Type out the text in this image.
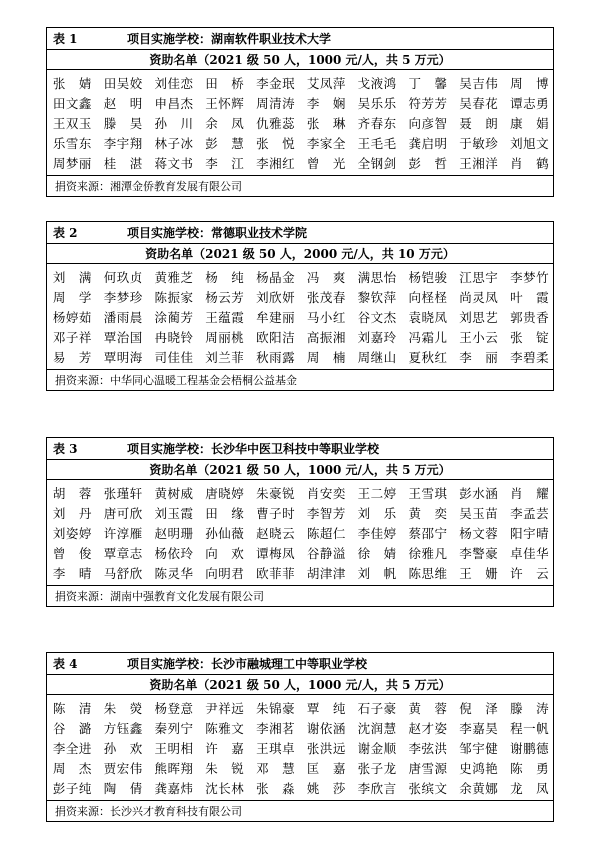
表 1	项目实施学校：湖南软件职业技术大学
资助名单（2021 级 50 人，1000 元/人，共 5 万元）
张　婧 田吴姣 刘佳恋 田　桥 李金珉 艾凤萍 戈液鸿 丁　馨 吴吉伟 周　博
田文鑫 赵　明 申昌杰 王怀辉 周清涛 李　娴 吴乐乐 符芳芳 吴春花 谭志勇
王双玉 滕　昊 孙　川 余　凤 仇雅蕊 张　琳 齐春东 向彦智 聂　朗 康　娟
乐雪东 李宇翔 林子冰 彭　慧 张　悦 李家全 王毛毛 龚启明 于敏珍 刘旭文
周梦丽 桂　湛 蒋文书 李　江 李湘红 曾　光 全钢剑 彭　哲 王湘洋 肖　鹤
捐资来源：湘潭金侨教育发展有限公司
表 2	项目实施学校：常德职业技术学院
资助名单（2021 级 50 人，2000 元/人，共 10 万元）
刘　满 何玖贞 黄雅芝 杨　纯 杨晶金 冯　爽 满思怡 杨铠骏 江思宇 李梦竹
周　学 李梦珍 陈振家 杨云芳 刘欣妍 张茂春 黎钦萍 向柽柽 尚灵凤 叶　霞
杨婷茹 潘雨晨 涂蔺芳 王蕴霞 牟建丽 马小红 谷文杰 袁晓凤 刘思艺 郭贵香
邓子祥 覃治国 冉晓铃 周丽桃 欧阳洁 高振湘 刘嘉玲 冯霜儿 王小云 张　锭
易　芳 覃明海 司佳佳 刘兰菲 秋雨露 周　楠 周继山 夏秋红 李　丽 李碧柔
捐资来源：中华同心温暖工程基金会梧桐公益基金
表 3	项目实施学校：长沙华中医卫科技中等职业学校
资助名单（2021 级 50 人，1000 元/人，共 5 万元）
胡　蓉 张瑾轩 黄树威 唐晓婷 朱豪锐 肖安奕 王二婷 王雪琪 彭水涵 肖　耀
刘　丹 唐可欣 刘玉霞 田　缘 曹子时 李智芳 刘　乐 黄　奕 吴玉苗 李孟芸
刘姿婷 许淳雁 赵明珊 孙仙薇 赵晓云 陈超仁 李佳婷 蔡邵宁 杨文蓉 阳宇晴
曾　俊 覃章志 杨依玲 向　欢 谭梅凤 谷静溢 徐　婧 徐雅凡 李警豪 卓佳华
李　晴 马舒欣 陈灵华 向明君 欧菲菲 胡津津 刘　帆 陈思维 王　姗 许　云
捐资来源：湖南中强教育文化发展有限公司
表 4	项目实施学校：长沙市融城理工中等职业学校
资助名单（2021 级 50 人，1000 元/人，共 5 万元）
陈　清 朱　熒 杨登意 尹祥远 朱锦豪 覃　纯 石子豪 黄　蓉 倪　泽 滕　涛
谷　潞 方钰鑫 秦列宁 陈雅文 李湘茗 谢依涵 沈润慧 赵才姿 李嘉昊 程一帆
李全进 孙　欢 王明相 许　嘉 王琪卓 张洪远 谢金顺 李弦洪 邹宇健 谢鹏德
周　杰 贾宏伟 熊晖翔 朱　锐 邓　慧 匡　嘉 张子龙 唐雪源 史鸿艳 陈　勇
彭子纯 陶　倩 龚嘉炜 沈长林 张　淼 姚　莎 李欣言 张缤文 余黄娜 龙　凤
捐资来源：长沙兴才教育科技有限公司
